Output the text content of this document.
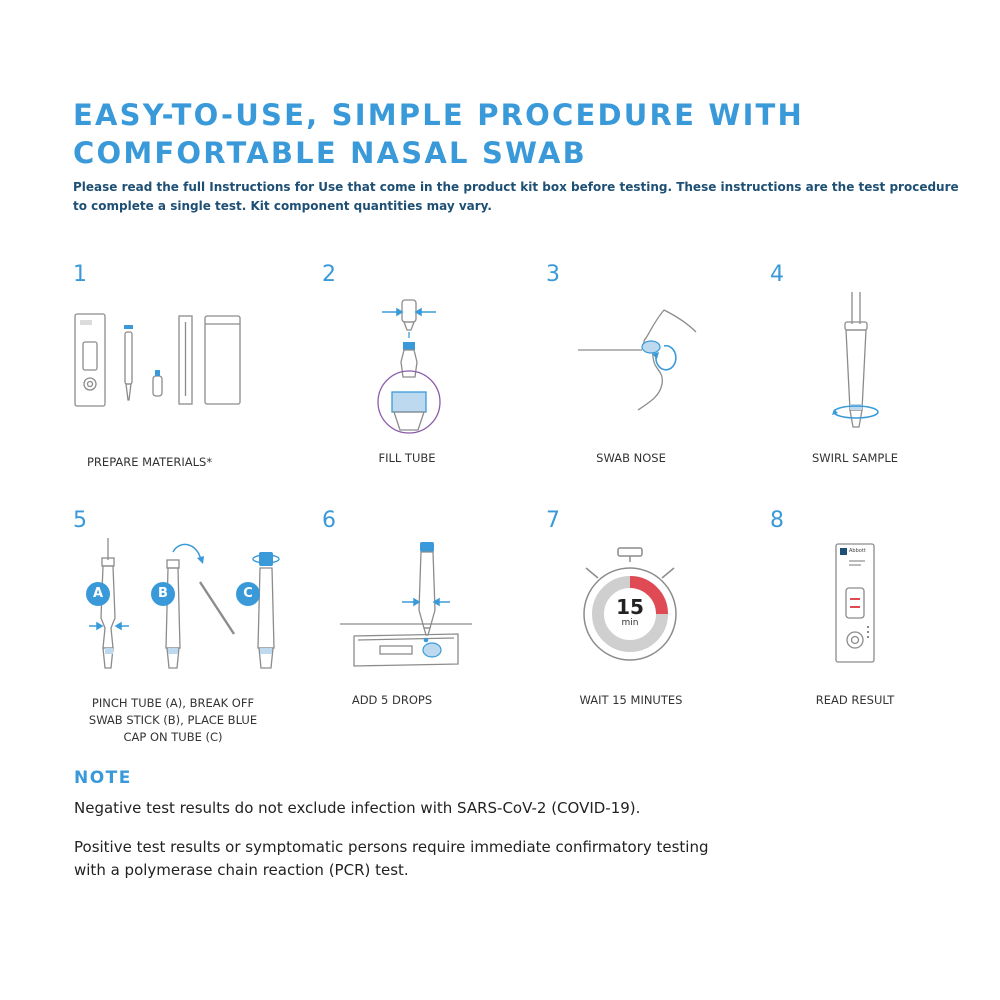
EASY-TO-USE, SIMPLE PROCEDURE WITH
COMFORTABLE NASAL SWAB

Please read the full Instructions for Use that come in the product kit box before testing. These instructions are the test procedure to complete a single test. Kit component quantities may vary.

1
PREPARE MATERIALS*
2
FILL TUBE
3
SWAB NOSE
4
SWIRL SAMPLE
5
A	B	C
PINCH TUBE (A), BREAK OFF
SWAB STICK (B), PLACE BLUE
CAP ON TUBE (C)
6
ADD 5 DROPS
7
15
min
WAIT 15 MINUTES
8
Abbott
READ RESULT
NOTE

Negative test results do not exclude infection with SARS-CoV-2 (COVID-19).

Positive test results or symptomatic persons require immediate confirmatory testing
with a polymerase chain reaction (PCR) test.
